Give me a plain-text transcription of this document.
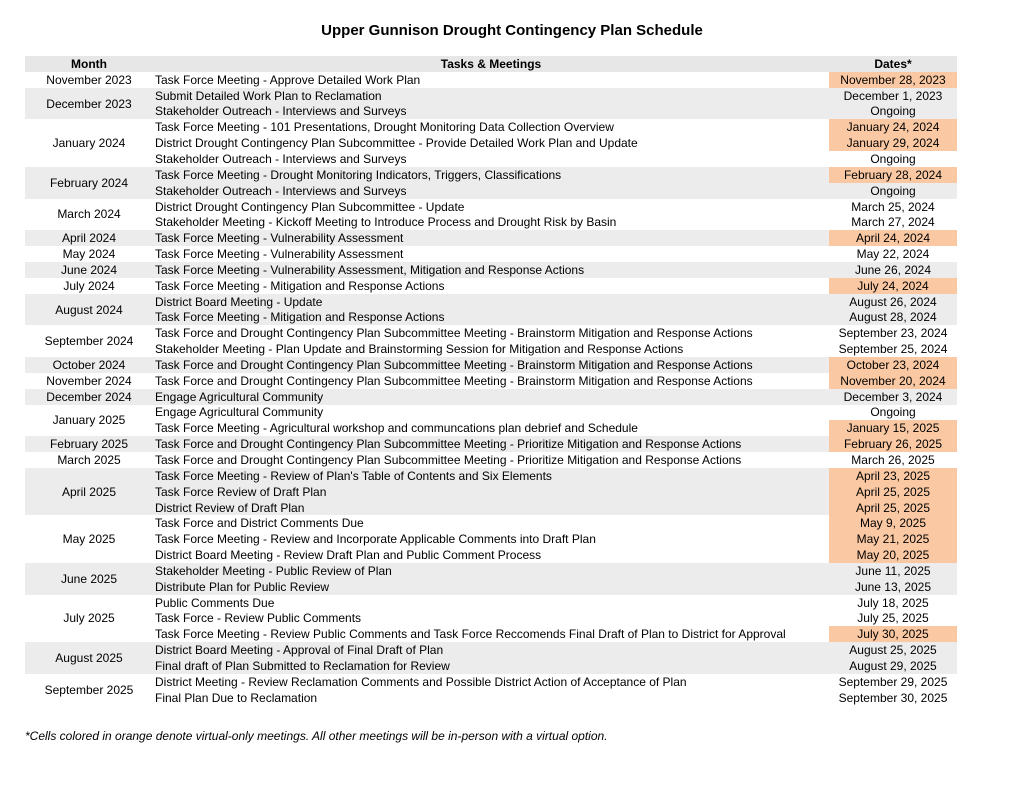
Upper Gunnison Drought Contingency Plan Schedule
Month	Tasks & Meetings	Dates*
November 2023	Task Force Meeting - Approve Detailed Work Plan	November 28, 2023
December 2023	Submit Detailed Work Plan to Reclamation	December 1, 2023
	Stakeholder Outreach - Interviews and Surveys	Ongoing
January 2024	Task Force Meeting - 101 Presentations, Drought Monitoring Data Collection Overview	January 24, 2024
	District Drought Contingency Plan Subcommittee - Provide Detailed Work Plan and Update	January 29, 2024
	Stakeholder Outreach - Interviews and Surveys	Ongoing
February 2024	Task Force Meeting - Drought Monitoring Indicators, Triggers, Classifications	February 28, 2024
	Stakeholder Outreach - Interviews and Surveys	Ongoing
March 2024	District Drought Contingency Plan Subcommittee - Update	March 25, 2024
	Stakeholder Meeting - Kickoff Meeting to Introduce Process and Drought Risk by Basin	March 27, 2024
April 2024	Task Force Meeting - Vulnerability Assessment	April 24, 2024
May 2024	Task Force Meeting - Vulnerability Assessment	May 22, 2024
June 2024	Task Force Meeting - Vulnerability Assessment, Mitigation and Response Actions	June 26, 2024
July 2024	Task Force Meeting - Mitigation and Response Actions	July 24, 2024
August 2024	District Board Meeting - Update	August 26, 2024
	Task Force Meeting - Mitigation and Response Actions	August 28, 2024
September 2024	Task Force and Drought Contingency Plan Subcommittee Meeting - Brainstorm Mitigation and Response Actions	September 23, 2024
	Stakeholder Meeting - Plan Update and Brainstorming Session for Mitigation and Response Actions	September 25, 2024
October 2024	Task Force and Drought Contingency Plan Subcommittee Meeting - Brainstorm Mitigation and Response Actions	October 23, 2024
November 2024	Task Force and Drought Contingency Plan Subcommittee Meeting - Brainstorm Mitigation and Response Actions	November 20, 2024
December 2024	Engage Agricultural Community	December 3, 2024
January 2025	Engage Agricultural Community	Ongoing
	Task Force Meeting - Agricultural workshop and communcations plan debrief and Schedule	January 15, 2025
February 2025	Task Force and Drought Contingency Plan Subcommittee Meeting - Prioritize Mitigation and Response Actions	February 26, 2025
March 2025	Task Force and Drought Contingency Plan Subcommittee Meeting - Prioritize Mitigation and Response Actions	March 26, 2025
April 2025	Task Force Meeting - Review of Plan's Table of Contents and Six Elements	April 23, 2025
	Task Force Review of Draft Plan	April 25, 2025
	District Review of Draft Plan	April 25, 2025
May 2025	Task Force and District Comments Due	May 9, 2025
	Task Force Meeting - Review and Incorporate Applicable Comments into Draft Plan	May 21, 2025
	District Board Meeting - Review Draft Plan and Public Comment Process	May 20, 2025
June 2025	Stakeholder Meeting - Public Review of Plan	June 11, 2025
	Distribute Plan for Public Review	June 13, 2025
July 2025	Public Comments Due	July 18, 2025
	Task Force - Review Public Comments	July 25, 2025
	Task Force Meeting - Review Public Comments and Task Force Reccomends Final Draft of Plan to District for Approval	July 30, 2025
August 2025	District Board Meeting - Approval of Final Draft of Plan	August 25, 2025
	Final draft of Plan Submitted to Reclamation for Review	August 29, 2025
September 2025	District Meeting - Review Reclamation Comments and Possible District Action of Acceptance of Plan	September 29, 2025
	Final Plan Due to Reclamation	September 30, 2025
*Cells colored in orange denote virtual-only meetings. All other meetings will be in-person with a virtual option.
